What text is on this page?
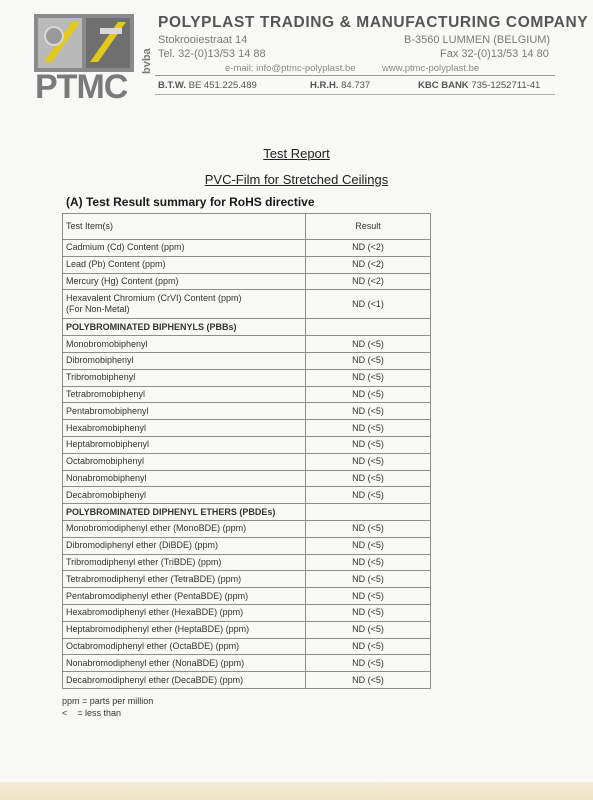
PTMC
bvba
POLYPLAST TRADING & MANUFACTURING COMPANY
Stokrooiestraat 14	B-3560 LUMMEN (BELGIUM)
Tel. 32-(0)13/53 14 88	Fax 32-(0)13/53 14 80
e-mail: info@ptmc-polyplast.be	www.ptmc-polyplast.be
B.T.W. BE 451.225.489	H.R.H. 84.737	KBC BANK 735-1252711-41
Test Report
PVC-Film for Stretched Ceilings
(A) Test Result summary for RoHS directive
Test Item(s)	Result
Cadmium (Cd) Content (ppm)	ND (<2)
Lead (Pb) Content (ppm)	ND (<2)
Mercury (Hg) Content (ppm)	ND (<2)

Hexavalent Chromium (CrVI) Content (ppm)
(For Non-Metal)	ND (<1)
POLYBROMINATED BIPHENYLS (PBBs)	
Monobromobiphenyl	ND (<5)
Dibromobiphenyl	ND (<5)
Tribromobiphenyl	ND (<5)
Tetrabromobiphenyl	ND (<5)
Pentabromobiphenyl	ND (<5)
Hexabromobiphenyl	ND (<5)
Heptabromobiphenyl	ND (<5)
Octabromobiphenyl	ND (<5)
Nonabromobiphenyl	ND (<5)
Decabromobiphenyl	ND (<5)
POLYBROMINATED DIPHENYL ETHERS (PBDEs)	
Monobromodiphenyl ether (MonoBDE) (ppm)	ND (<5)
Dibromodiphenyl ether (DiBDE) (ppm)	ND (<5)
Tribromodiphenyl ether (TriBDE) (ppm)	ND (<5)
Tetrabromodiphenyl ether (TetraBDE) (ppm)	ND (<5)
Pentabromodiphenyl ether (PentaBDE) (ppm)	ND (<5)
Hexabromodiphenyl ether (HexaBDE) (ppm)	ND (<5)
Heptabromodiphenyl ether (HeptaBDE) (ppm)	ND (<5)
Octabromodiphenyl ether (OctaBDE) (ppm)	ND (<5)
Nonabromodiphenyl ether (NonaBDE) (ppm)	ND (<5)
Decabromodiphenyl ether (DecaBDE) (ppm)	ND (<5)
ppm = parts per million
<    = less than
